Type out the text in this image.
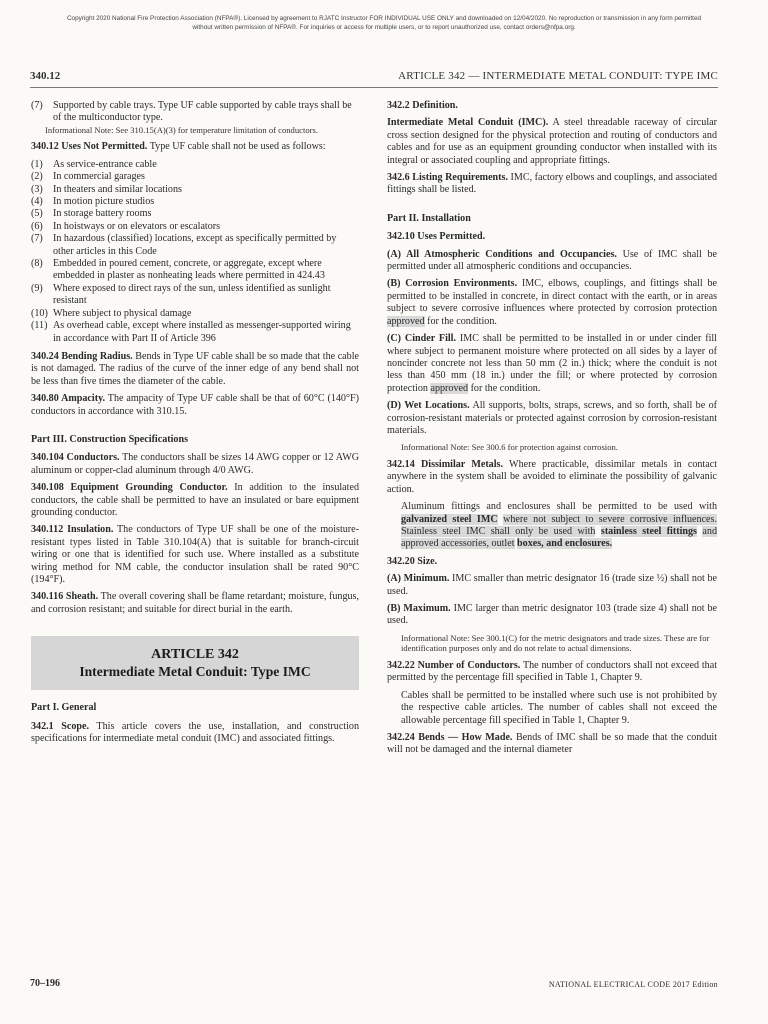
Copyright 2020 National Fire Protection Association (NFPA®). Licensed by agreement to RJATC Instructor FOR INDIVIDUAL USE ONLY and downloaded on 12/04/2020. No reproduction or transmission in any form permitted
without written permission of NFPA®. For inquiries or access for multiple users, or to report unauthorized use, contact orders@nfpa.org.
340.12	ARTICLE 342 — INTERMEDIATE METAL CONDUIT: TYPE IMC
(7)	Supported by cable trays. Type UF cable supported by cable trays shall be of the multiconductor type.
Informational Note: See 310.15(A)(3) for temperature limitation of conductors.
340.12 Uses Not Permitted. Type UF cable shall not be used as follows:
(1)	As service-entrance cable
(2)	In commercial garages
(3)	In theaters and similar locations
(4)	In motion picture studios
(5)	In storage battery rooms
(6)	In hoistways or on elevators or escalators
(7)	In hazardous (classified) locations, except as specifically permitted by other articles in this Code
(8)	Embedded in poured cement, concrete, or aggregate, except where embedded in plaster as nonheating leads where permitted in 424.43
(9)	Where exposed to direct rays of the sun, unless identified as sunlight resistant
(10) Where subject to physical damage
(11) As overhead cable, except where installed as messenger-supported wiring in accordance with Part II of Article 396
340.24 Bending Radius. Bends in Type UF cable shall be so made that the cable is not damaged. The radius of the curve of the inner edge of any bend shall not be less than five times the diameter of the cable.
340.80 Ampacity. The ampacity of Type UF cable shall be that of 60°C (140°F) conductors in accordance with 310.15.
Part III. Construction Specifications
340.104 Conductors. The conductors shall be sizes 14 AWG copper or 12 AWG aluminum or copper-clad aluminum through 4/0 AWG.
340.108 Equipment Grounding Conductor. In addition to the insulated conductors, the cable shall be permitted to have an insulated or bare equipment grounding conductor.
340.112 Insulation. The conductors of Type UF shall be one of the moisture-resistant types listed in Table 310.104(A) that is suitable for branch-circuit wiring or one that is identified for such use. Where installed as a substitute wiring method for NM cable, the conductor insulation shall be rated 90°C (194°F).
340.116 Sheath. The overall covering shall be flame retardant; moisture, fungus, and corrosion resistant; and suitable for direct burial in the earth.
ARTICLE 342
Intermediate Metal Conduit: Type IMC
Part I. General
342.1 Scope. This article covers the use, installation, and construction specifications for intermediate metal conduit (IMC) and associated fittings.
342.2 Definition.
Intermediate Metal Conduit (IMC). A steel threadable raceway of circular cross section designed for the physical protection and routing of conductors and cables and for use as an equipment grounding conductor when installed with its integral or associated coupling and appropriate fittings.
342.6 Listing Requirements. IMC, factory elbows and couplings, and associated fittings shall be listed.
Part II. Installation
342.10 Uses Permitted.
(A) All Atmospheric Conditions and Occupancies. Use of IMC shall be permitted under all atmospheric conditions and occupancies.
(B) Corrosion Environments. IMC, elbows, couplings, and fittings shall be permitted to be installed in concrete, in direct contact with the earth, or in areas subject to severe corrosive influences where protected by corrosion protection approved for the condition.
(C) Cinder Fill. IMC shall be permitted to be installed in or under cinder fill where subject to permanent moisture where protected on all sides by a layer of noncinder concrete not less than 50 mm (2 in.) thick; where the conduit is not less than 450 mm (18 in.) under the fill; or where protected by corrosion protection approved for the condition.
(D) Wet Locations. All supports, bolts, straps, screws, and so forth, shall be of corrosion-resistant materials or protected against corrosion by corrosion-resistant materials.
Informational Note: See 300.6 for protection against corrosion.
342.14 Dissimilar Metals. Where practicable, dissimilar metals in contact anywhere in the system shall be avoided to eliminate the possibility of galvanic action.
Aluminum fittings and enclosures shall be permitted to be used with galvanized steel IMC where not subject to severe corrosive influences. Stainless steel IMC shall only be used with stainless steel fittings and approved accessories, outlet boxes, and enclosures.
342.20 Size.
(A) Minimum. IMC smaller than metric designator 16 (trade size ½) shall not be used.
(B) Maximum. IMC larger than metric designator 103 (trade size 4) shall not be used.
Informational Note: See 300.1(C) for the metric designators and trade sizes. These are for identification purposes only and do not relate to actual dimensions.
342.22 Number of Conductors. The number of conductors shall not exceed that permitted by the percentage fill specified in Table 1, Chapter 9.
Cables shall be permitted to be installed where such use is not prohibited by the respective cable articles. The number of cables shall not exceed the allowable percentage fill specified in Table 1, Chapter 9.
342.24 Bends — How Made. Bends of IMC shall be so made that the conduit will not be damaged and the internal diameter
70–196	NATIONAL ELECTRICAL CODE 2017 Edition
